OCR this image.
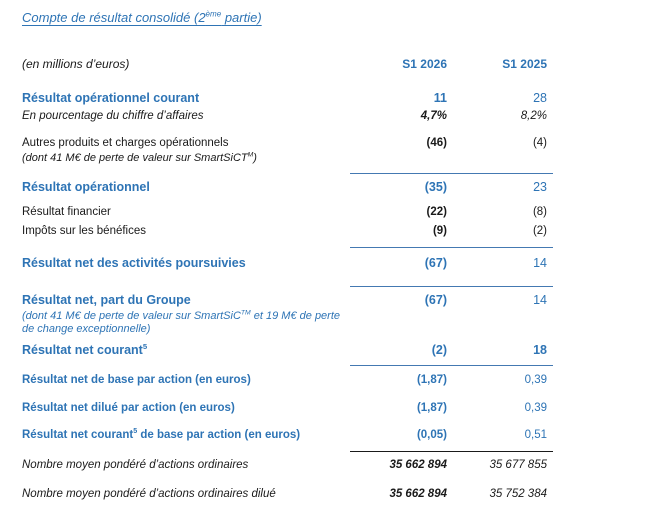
Compte de résultat consolidé (2ème partie)
(en millions d’euros)	S1 2026	S1 2025
Résultat opérationnel courant	11	28
En pourcentage du chiffre d’affaires	4,7%	8,2%
Autres produits et charges opérationnels	(46)	(4)
(dont 41 M€ de perte de valeur sur SmartSiCT$^M$)
Résultat opérationnel	(35)	23
Résultat financier	(22)	(8)
Impôts sur les bénéfices	(9)	(2)
Résultat net des activités poursuivies	(67)	14
Résultat net, part du Groupe	(67)	14
(dont 41 M€ de perte de valeur sur SmartSiC™ et 19 M€ de perte de change exceptionnelle)
Résultat net courant$^5$	(2)	18
Résultat net de base par action (en euros)	(1,87)	0,39
Résultat net dilué par action (en euros)	(1,87)	0,39
Résultat net courant$^5$ de base par action (en euros)	(0,05)	0,51
Nombre moyen pondéré d’actions ordinaires	35 662 894	35 677 855
Nombre moyen pondéré d’actions ordinaires dilué	35 662 894	35 752 384
